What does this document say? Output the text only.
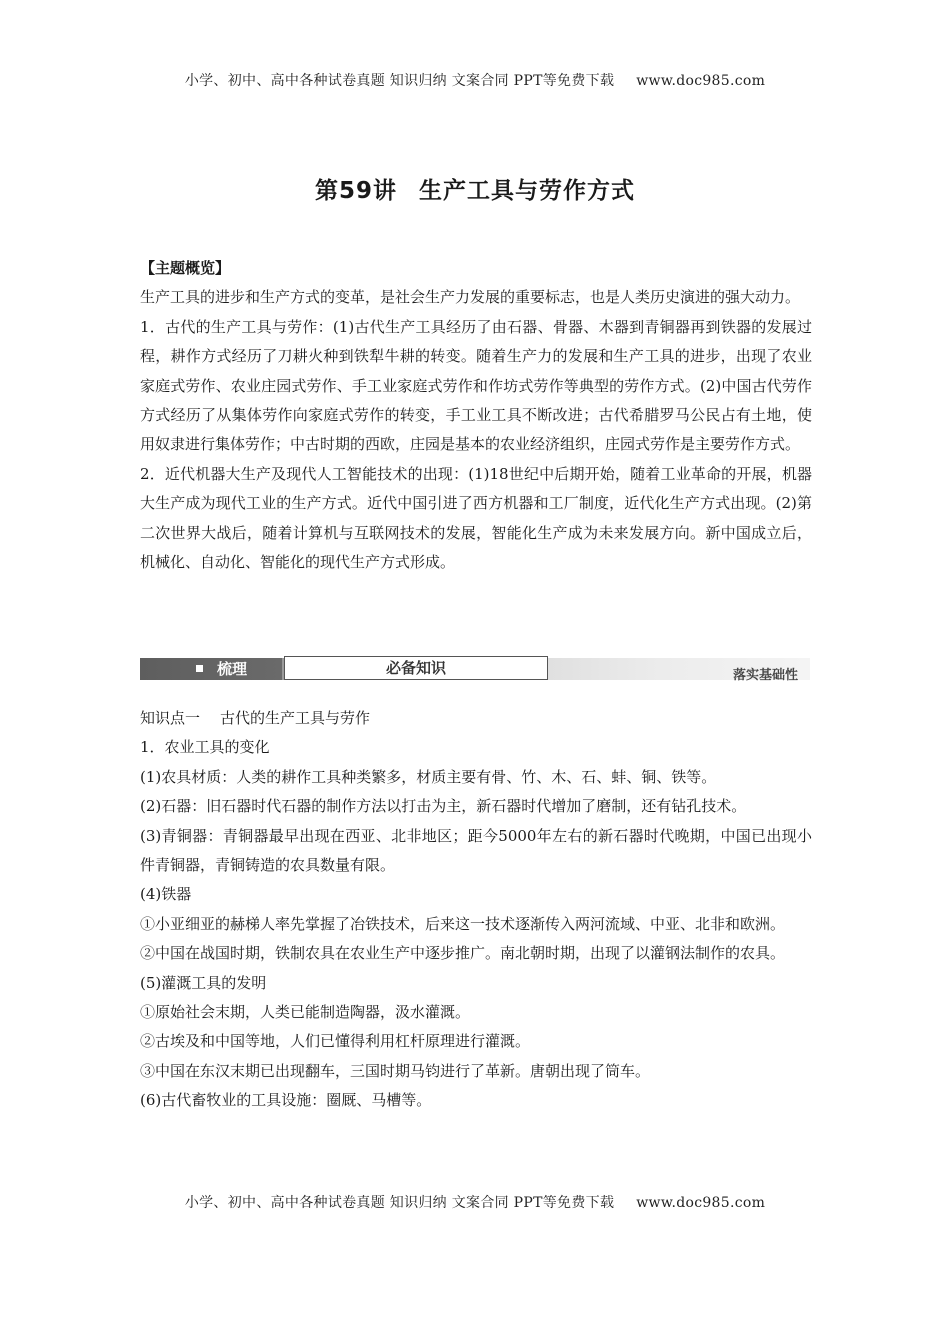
小学、初中、高中各种试卷真题 知识归纳 文案合同 PPT等免费下载 www.doc985.com
第59讲 生产工具与劳作方式

【主题概览】

生产工具的进步和生产方式的变革，是社会生产力发展的重要标志，也是人类历史演进的强大动力。

1．古代的生产工具与劳作：(1)古代生产工具经历了由石器、骨器、木器到青铜器再到铁器的发展过程，耕作方式经历了刀耕火种到铁犁牛耕的转变。随着生产力的发展和生产工具的进步，出现了农业家庭式劳作、农业庄园式劳作、手工业家庭式劳作和作坊式劳作等典型的劳作方式。(2)中国古代劳作方式经历了从集体劳作向家庭式劳作的转变，手工业工具不断改进；古代希腊罗马公民占有土地，使用奴隶进行集体劳作；中古时期的西欧，庄园是基本的农业经济组织，庄园式劳作是主要劳作方式。

2．近代机器大生产及现代人工智能技术的出现：(1)18世纪中后期开始，随着工业革命的开展，机器大生产成为现代工业的生产方式。近代中国引进了西方机器和工厂制度，近代化生产方式出现。(2)第二次世界大战后，随着计算机与互联网技术的发展，智能化生产成为未来发展方向。新中国成立后，机械化、自动化、智能化的现代生产方式形成。

梳理	必备知识	落实基础性

知识点一 古代的生产工具与劳作

1．农业工具的变化

(1)农具材质：人类的耕作工具种类繁多，材质主要有骨、竹、木、石、蚌、铜、铁等。

(2)石器：旧石器时代石器的制作方法以打击为主，新石器时代增加了磨制，还有钻孔技术。

(3)青铜器：青铜器最早出现在西亚、北非地区；距今5000年左右的新石器时代晚期，中国已出现小件青铜器，青铜铸造的农具数量有限。

(4)铁器

①小亚细亚的赫梯人率先掌握了冶铁技术，后来这一技术逐渐传入两河流域、中亚、北非和欧洲。

②中国在战国时期，铁制农具在农业生产中逐步推广。南北朝时期，出现了以灌钢法制作的农具。

(5)灌溉工具的发明

①原始社会末期，人类已能制造陶器，汲水灌溉。

②古埃及和中国等地，人们已懂得利用杠杆原理进行灌溉。

③中国在东汉末期已出现翻车，三国时期马钧进行了革新。唐朝出现了筒车。

(6)古代畜牧业的工具设施：圈厩、马槽等。

小学、初中、高中各种试卷真题 知识归纳 文案合同 PPT等免费下载 www.doc985.com
